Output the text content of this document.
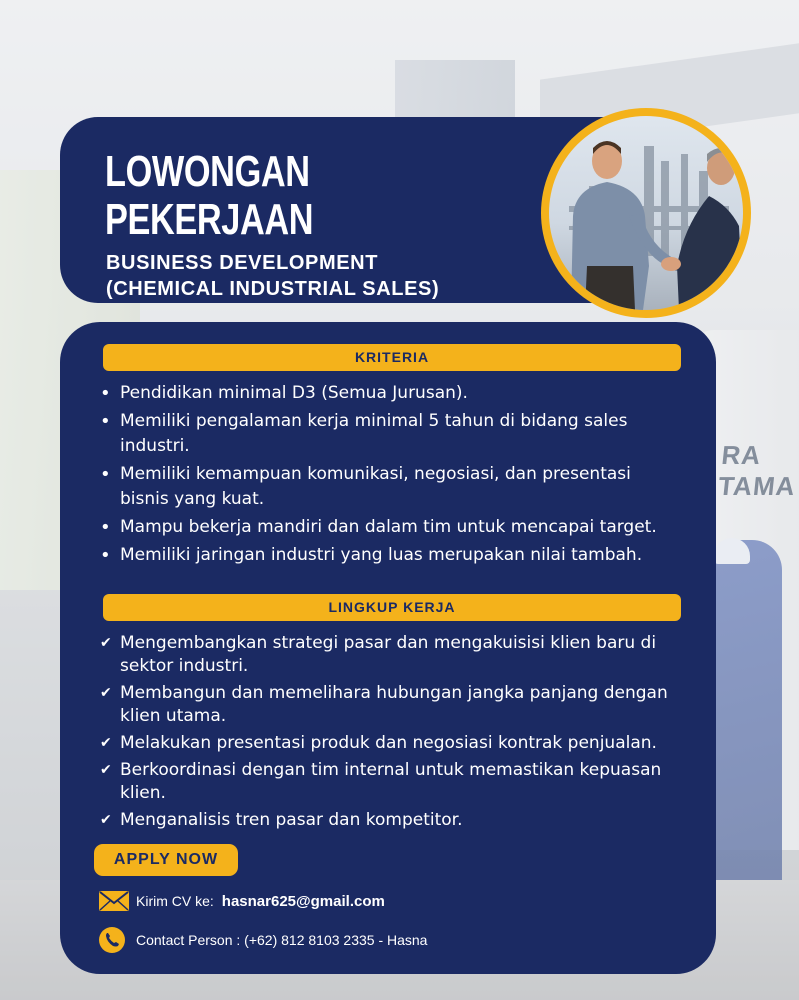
RA TAMA
LOWONGAN
PEKERJAAN
BUSINESS DEVELOPMENT
(CHEMICAL INDUSTRIAL SALES)
KRITERIA
• Pendidikan minimal D3 (Semua Jurusan).
• Memiliki pengalaman kerja minimal 5 tahun di bidang sales industri.
• Memiliki kemampuan komunikasi, negosiasi, dan presentasi bisnis yang kuat.
• Mampu bekerja mandiri dan dalam tim untuk mencapai target.
• Memiliki jaringan industri yang luas merupakan nilai tambah.
LINGKUP KERJA
✔ Mengembangkan strategi pasar dan mengakuisisi klien baru di sektor industri.
✔ Membangun dan memelihara hubungan jangka panjang dengan klien utama.
✔ Melakukan presentasi produk dan negosiasi kontrak penjualan.
✔ Berkoordinasi dengan tim internal untuk memastikan kepuasan klien.
✔ Menganalisis tren pasar dan kompetitor.
APPLY NOW
Kirim CV ke: hasnar625@gmail.com
Contact Person : (+62) 812 8103 2335 - Hasna
